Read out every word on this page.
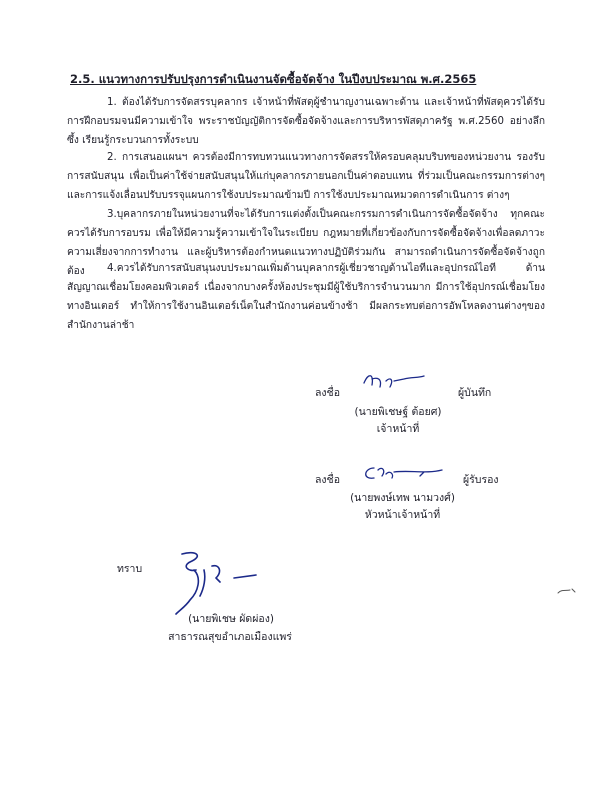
2.5. แนวทางการปรับปรุงการดำเนินงานจัดซื้อจัดจ้าง ในปีงบประมาณ พ.ศ.2565
1. ต้องได้รับการจัดสรรบุคลากร เจ้าหน้าที่พัสดุผู้ชำนาญงานเฉพาะด้าน และเจ้าหน้าที่พัสดุควรได้รับการฝึกอบรมจนมีความเข้าใจ พระราชบัญญัติการจัดซื้อจัดจ้างและการบริหารพัสดุภาครัฐ พ.ศ.2560 อย่างลึกซึ้ง เรียนรู้กระบวนการทั้งระบบ
2. การเสนอแผนฯ ควรต้องมีการทบทวนแนวทางการจัดสรรให้ครอบคลุมบริบทของหน่วยงาน รองรับการสนับสนุน เพื่อเป็นค่าใช้จ่ายสนับสนุนให้แก่บุคลากรภายนอกเป็นค่าตอบแทน ที่ร่วมเป็นคณะกรรมการต่างๆและการแจ้งเลื่อนปรับบรรจุแผนการใช้งบประมาณข้ามปี การใช้งบประมาณหมวดการดำเนินการ ต่างๆ
3.บุคลากรภายในหน่วยงานที่จะได้รับการแต่งตั้งเป็นคณะกรรมการดำเนินการจัดซื้อจัดจ้าง ทุกคณะควรได้รับการอบรม เพื่อให้มีความรู้ความเข้าใจในระเบียบ กฎหมายที่เกี่ยวข้องกับการจัดซื้อจัดจ้างเพื่อลดภาวะความเสี่ยงจากการทำงาน และผู้บริหารต้องกำหนดแนวทางปฏิบัติร่วมกัน สามารถดำเนินการจัดซื้อจัดจ้างถูกต้อง	4.ควรได้รับการสนับสนุนงบประมาณเพิ่มด้านบุคลากรผู้เชี่ยวชาญด้านไอทีและอุปกรณ์ไอที ด้านสัญญาณเชื่อมโยงคอมพิวเตอร์ เนื่องจากบางครั้งห้องประชุมมีผู้ใช้บริการจำนวนมาก มีการใช้อุปกรณ์เชื่อมโยงทางอินเตอร์ ทำให้การใช้งานอินเตอร์เน็ตในสำนักงานค่อนข้างช้า มีผลกระทบต่อการอัพโหลดงานต่างๆของสำนักงานล่าช้า
ลงชื่อ	ผู้บันทึก
(นายพิเชษฐ์ ต้อยศ)
เจ้าหน้าที่
ลงชื่อ	ผู้รับรอง
(นายพงษ์เทพ นามวงศ์)
หัวหน้าเจ้าหน้าที่
ทราบ
(นายพิเชษ ผัดผ่อง)
สาธารณสุขอำเภอเมืองแพร่
